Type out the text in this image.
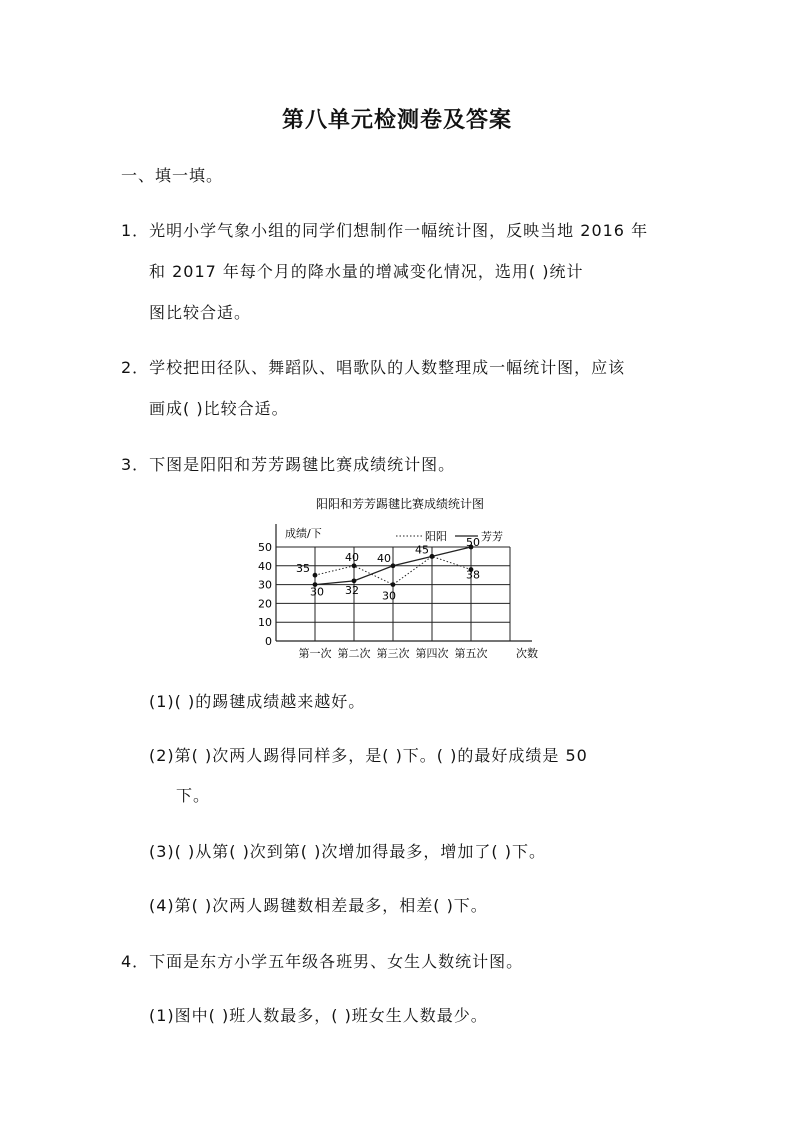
第八单元检测卷及答案
一、填一填。
1．光明小学气象小组的同学们想制作一幅统计图，反映当地 2016 年
和 2017 年每个月的降水量的增减变化情况，选用( )统计
图比较合适。
2．学校把田径队、舞蹈队、唱歌队的人数整理成一幅统计图，应该
画成( )比较合适。
3．下图是阳阳和芳芳踢毽比赛成绩统计图。
阳阳和芳芳踢毽比赛成绩统计图
成绩/下	阳阳	芳芳
0
10
20
30
40
50
第一次 第二次 第三次 第四次 第五次	次数
35
40
30
45
38
30 32
40
50
(1)( )的踢毽成绩越来越好。
(2)第( )次两人踢得同样多，是( )下。( )的最好成绩是 50
下。
(3)( )从第( )次到第( )次增加得最多，增加了( )下。
(4)第( )次两人踢毽数相差最多，相差( )下。
4．下面是东方小学五年级各班男、女生人数统计图。
(1)图中( )班人数最多，( )班女生人数最少。
